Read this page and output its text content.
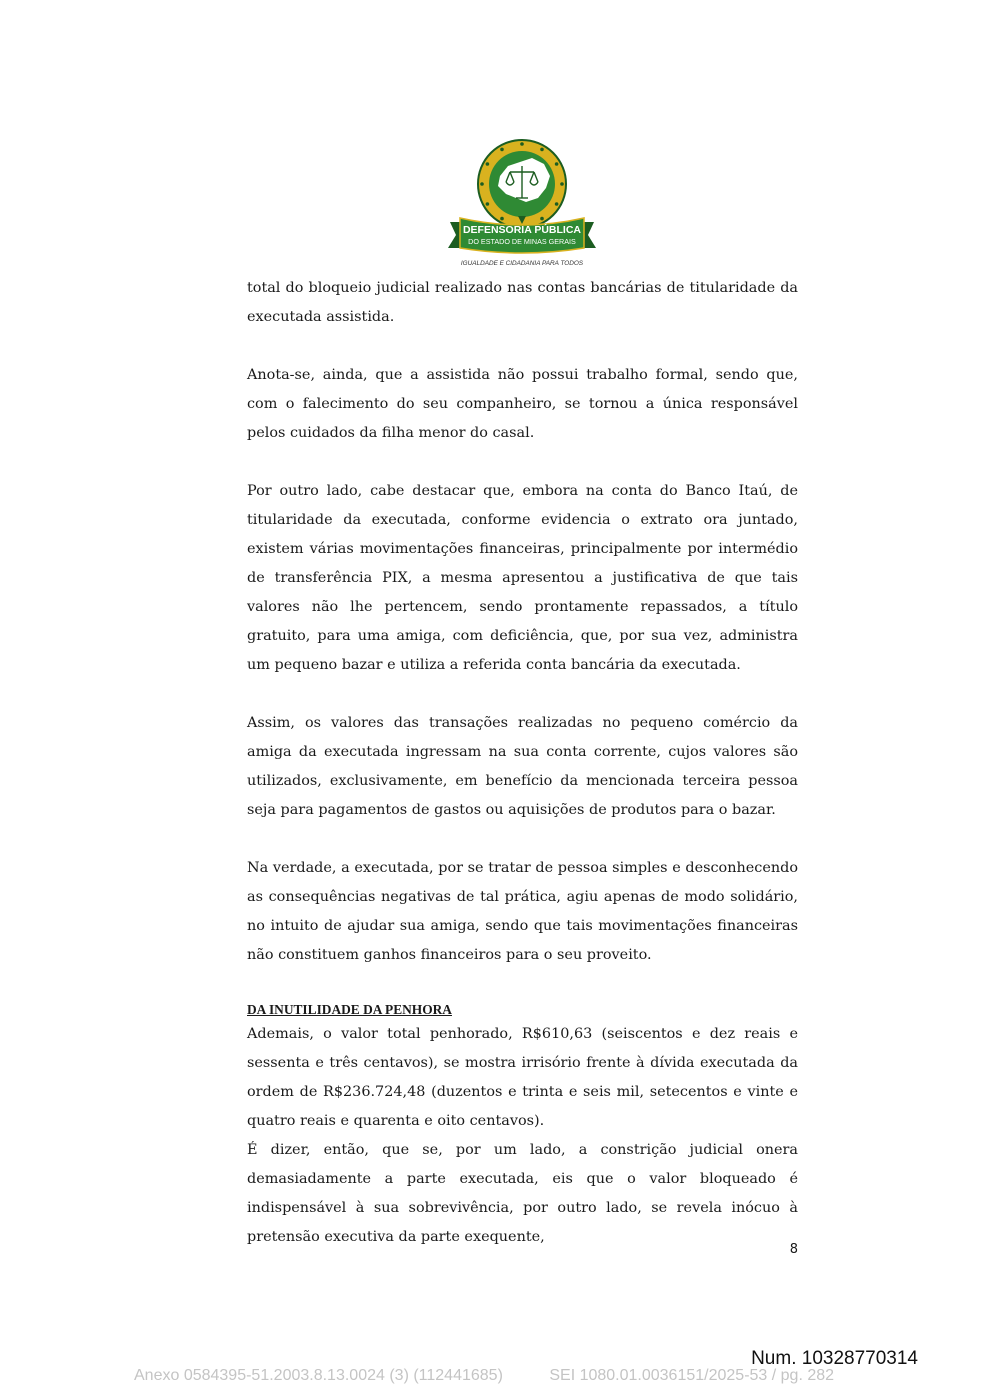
DEFENSORIA PÚBLICA
DO ESTADO DE MINAS GERAIS
IGUALDADE E CIDADANIA PARA TODOS

total do bloqueio judicial realizado nas contas bancárias de titularidade da executada assistida.

Anota-se, ainda, que a assistida não possui trabalho formal, sendo que, com o falecimento do seu companheiro, se tornou a única responsável pelos cuidados da filha menor do casal.

Por outro lado, cabe destacar que, embora na conta do Banco Itaú, de titularidade da executada, conforme evidencia o extrato ora juntado, existem várias movimentações financeiras, principalmente por intermédio de transferência PIX, a mesma apresentou a justificativa de que tais valores não lhe pertencem, sendo prontamente repassados, a título gratuito, para uma amiga, com deficiência, que, por sua vez, administra um pequeno bazar e utiliza a referida conta bancária da executada.

Assim, os valores das transações realizadas no pequeno comércio da amiga da executada ingressam na sua conta corrente, cujos valores são utilizados, exclusivamente, em benefício da mencionada terceira pessoa seja para pagamentos de gastos ou aquisições de produtos para o bazar.

Na verdade, a executada, por se tratar de pessoa simples e desconhecendo as consequências negativas de tal prática, agiu apenas de modo solidário, no intuito de ajudar sua amiga, sendo que tais movimentações financeiras não constituem ganhos financeiros para o seu proveito.

DA INUTILIDADE DA PENHORA

Ademais, o valor total penhorado, R$610,63 (seiscentos e dez reais e sessenta e três centavos), se mostra irrisório frente à dívida executada da ordem de R$236.724,48 (duzentos e trinta e seis mil, setecentos e vinte e quatro reais e quarenta e oito centavos).

É dizer, então, que se, por um lado, a constrição judicial onera demasiadamente a parte executada, eis que o valor bloqueado é indispensável à sua sobrevivência, por outro lado, se revela inócuo à pretensão executiva da parte exequente,

8
Num. 10328770314
Anexo 0584395-51.2003.8.13.0024 (3) (112441685)	SEI 1080.01.0036151/2025-53 / pg. 282
